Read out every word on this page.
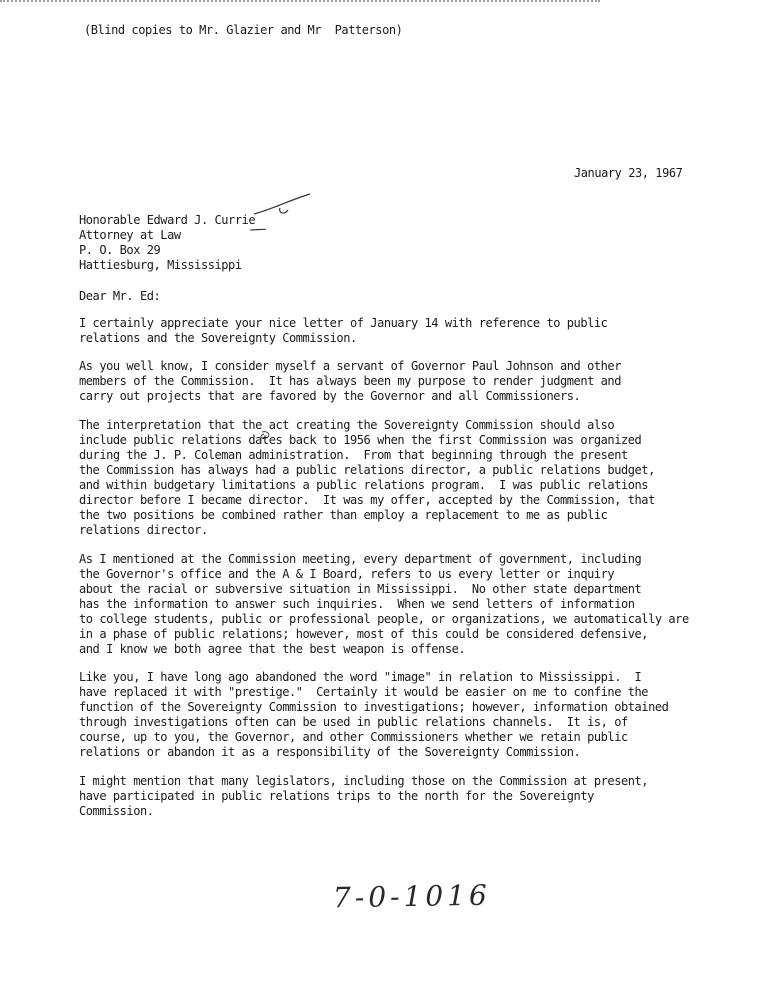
(Blind copies to Mr. Glazier and Mr  Patterson)
January 23, 1967
Honorable Edward J. Currie
Attorney at Law
P. O. Box 29
Hattiesburg, Mississippi
Dear Mr. Ed:
I certainly appreciate your nice letter of January 14 with reference to public
relations and the Sovereignty Commission.
As you well know, I consider myself a servant of Governor Paul Johnson and other
members of the Commission.  It has always been my purpose to render judgment and
carry out projects that are favored by the Governor and all Commissioners.
The interpretation that the act creating the Sovereignty Commission should also
include public relations dates back to 1956 when the first Commission was organized
during the J. P. Coleman administration.  From that beginning through the present
the Commission has always had a public relations director, a public relations budget,
and within budgetary limitations a public relations program.  I was public relations
director before I became director.  It was my offer, accepted by the Commission, that
the two positions be combined rather than employ a replacement to me as public
relations director.
As I mentioned at the Commission meeting, every department of government, including
the Governor's office and the A & I Board, refers to us every letter or inquiry
about the racial or subversive situation in Mississippi.  No other state department
has the information to answer such inquiries.  When we send letters of information
to college students, public or professional people, or organizations, we automatically are
in a phase of public relations; however, most of this could be considered defensive,
and I know we both agree that the best weapon is offense.
Like you, I have long ago abandoned the word "image" in relation to Mississippi.  I
have replaced it with "prestige."  Certainly it would be easier on me to confine the
function of the Sovereignty Commission to investigations; however, information obtained
through investigations often can be used in public relations channels.  It is, of
course, up to you, the Governor, and other Commissioners whether we retain public
relations or abandon it as a responsibility of the Sovereignty Commission.
I might mention that many legislators, including those on the Commission at present,
have participated in public relations trips to the north for the Sovereignty
Commission.
7-0-1016
